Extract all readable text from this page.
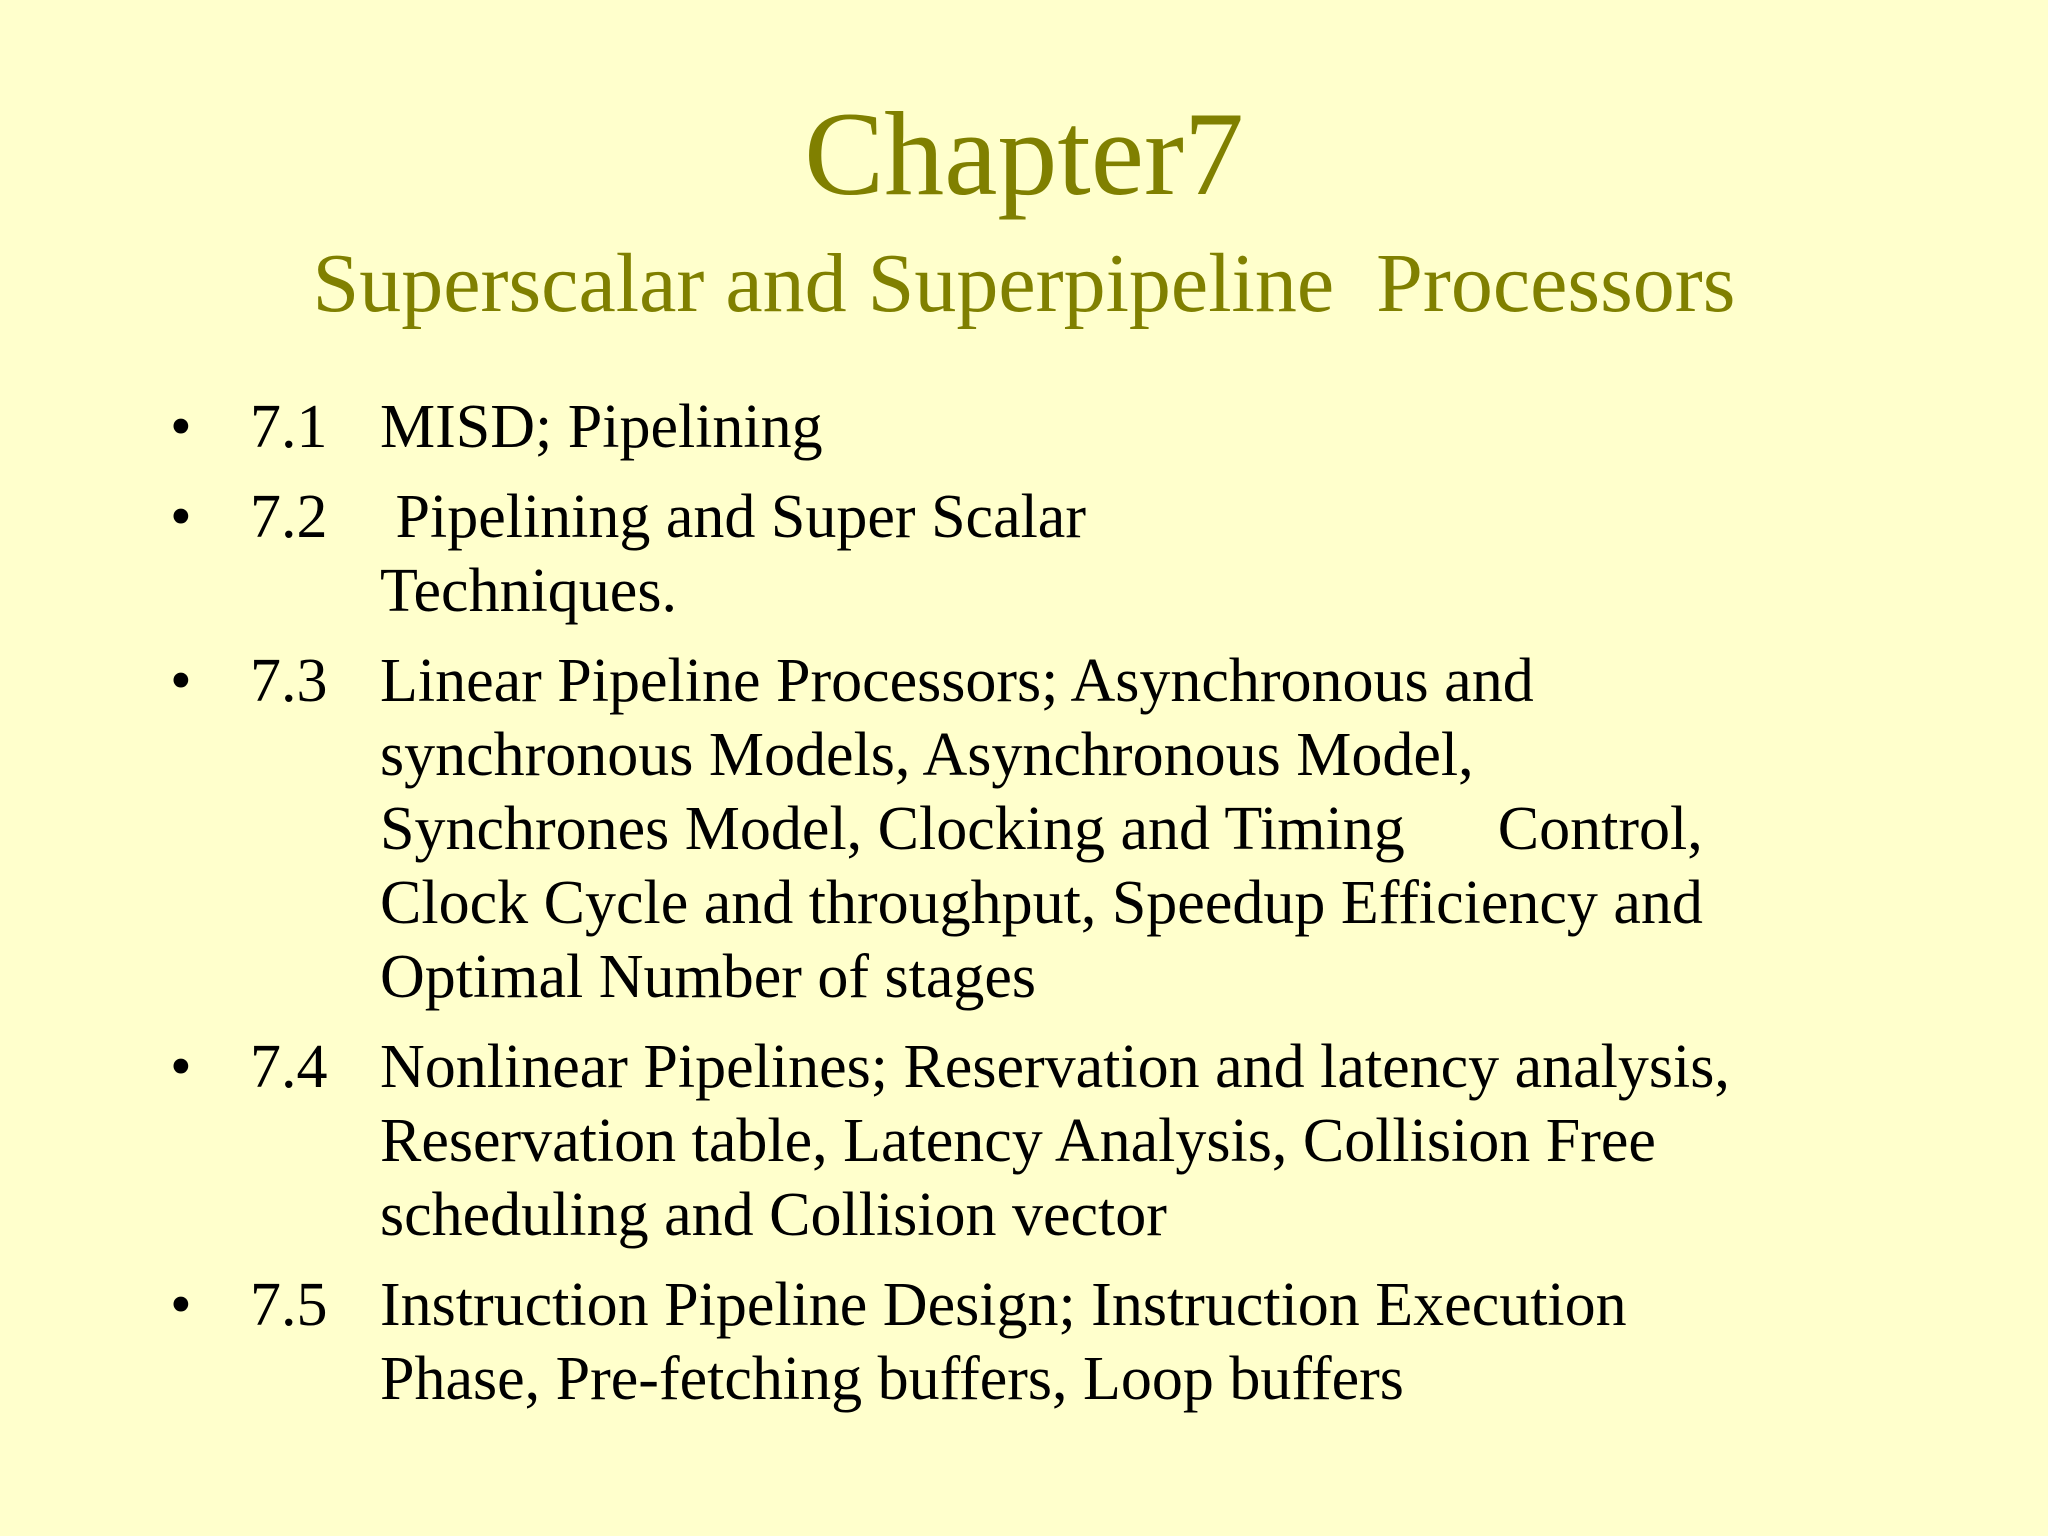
Chapter7
Superscalar and Superpipeline  Processors
• 7.1 MISD; Pipelining
• 7.2 Pipelining and Super Scalar
Techniques.
• 7.3 Linear Pipeline Processors; Asynchronous and
synchronous Models, Asynchronous Model,
Synchrones Model, Clocking and Timing      Control,
Clock Cycle and throughput, Speedup Efficiency and
Optimal Number of stages
• 7.4 Nonlinear Pipelines; Reservation and latency analysis,
Reservation table, Latency Analysis, Collision Free
scheduling and Collision vector
• 7.5 Instruction Pipeline Design; Instruction Execution
Phase, Pre-fetching buffers, Loop buffers
